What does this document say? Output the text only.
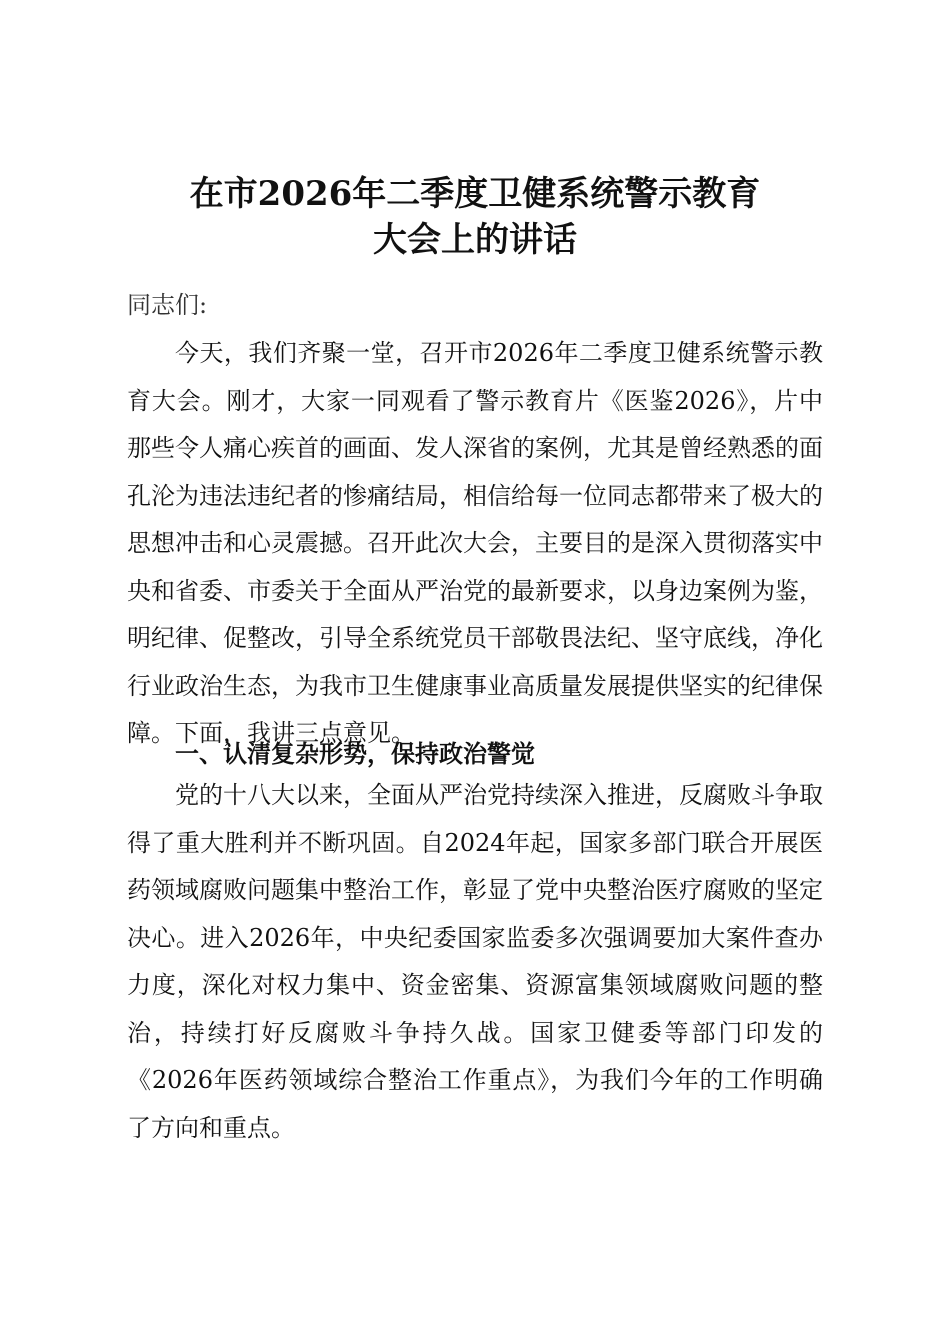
在市2026年二季度卫健系统警示教育
大会上的讲话

同志们:

今天，我们齐聚一堂，召开市2026年二季度卫健系统警示教育大会。刚才，大家一同观看了警示教育片《医鉴2026》，片中那些令人痛心疾首的画面、发人深省的案例，尤其是曾经熟悉的面孔沦为违法违纪者的惨痛结局，相信给每一位同志都带来了极大的思想冲击和心灵震撼。召开此次大会，主要目的是深入贯彻落实中央和省委、市委关于全面从严治党的最新要求，以身边案例为鉴，明纪律、促整改，引导全系统党员干部敬畏法纪、坚守底线，净化行业政治生态，为我市卫生健康事业高质量发展提供坚实的纪律保障。下面，我讲三点意见。

一、认清复杂形势，保持政治警觉

党的十八大以来，全面从严治党持续深入推进，反腐败斗争取得了重大胜利并不断巩固。自2024年起，国家多部门联合开展医药领域腐败问题集中整治工作，彰显了党中央整治医疗腐败的坚定决心。进入2026年，中央纪委国家监委多次强调要加大案件查办力度，深化对权力集中、资金密集、资源富集领域腐败问题的整治，持续打好反腐败斗争持久战。国家卫健委等部门印发的《2026年医药领域综合整治工作重点》，为我们今年的工作明确了方向和重点。
